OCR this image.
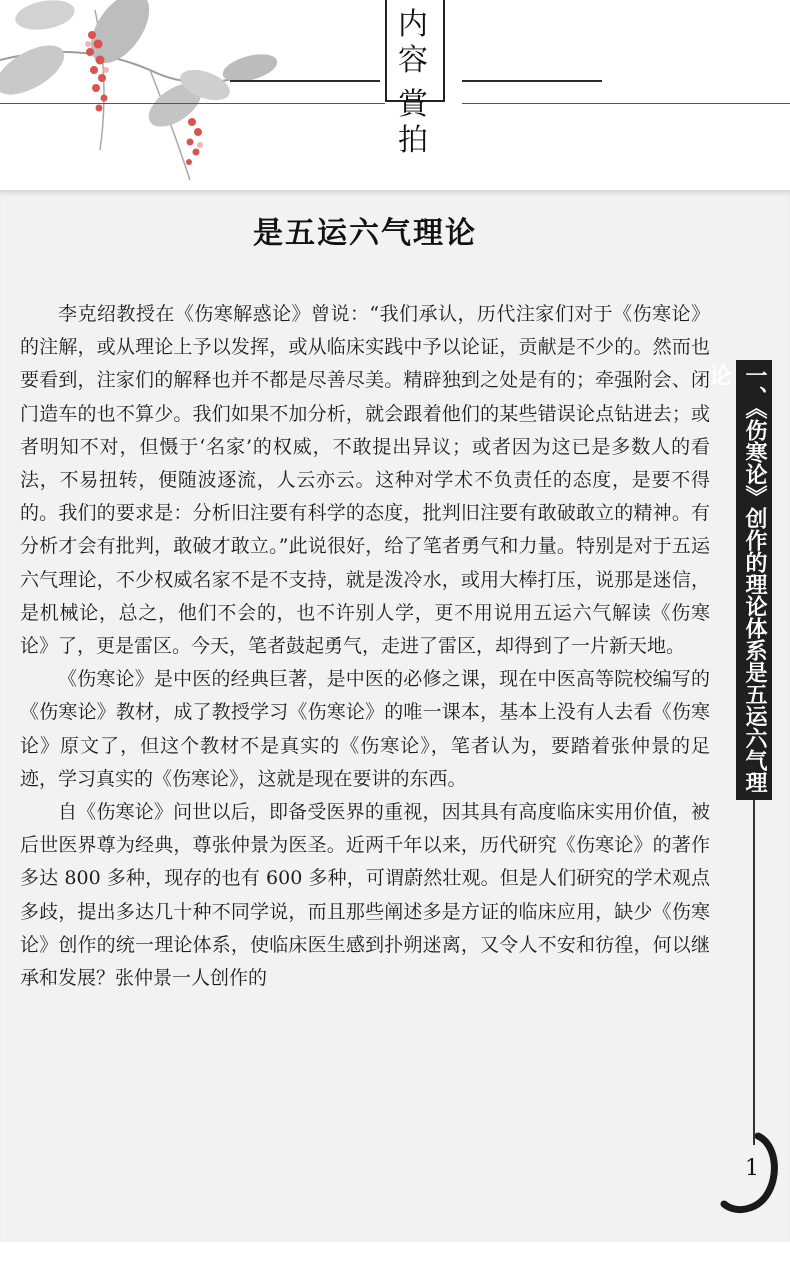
内
容
賞
拍
是五运六气理论

李克绍教授在《伤寒解惑论》曾说：“我们承认，历代注家们对于《伤寒论》的注解，或从理论上予以发挥，或从临床实践中予以论证，贡献是不少的。然而也要看到，注家们的解释也并不都是尽善尽美。精辟独到之处是有的；牵强附会、闭门造车的也不算少。我们如果不加分析，就会跟着他们的某些错误论点钻进去；或者明知不对，但慑于‘名家’的权威，不敢提出异议；或者因为这已是多数人的看法，不易扭转，便随波逐流，人云亦云。这种对学术不负责任的态度，是要不得的。我们的要求是：分析旧注要有科学的态度，批判旧注要有敢破敢立的精神。有分析才会有批判，敢破才敢立。”此说很好，给了笔者勇气和力量。特别是对于五运六气理论，不少权威名家不是不支持，就是泼冷水，或用大棒打压，说那是迷信，是机械论，总之，他们不会的，也不许别人学，更不用说用五运六气解读《伤寒论》了，更是雷区。今天，笔者鼓起勇气，走进了雷区，却得到了一片新天地。

《伤寒论》是中医的经典巨著，是中医的必修之课，现在中医高等院校编写的《伤寒论》教材，成了教授学习《伤寒论》的唯一课本，基本上没有人去看《伤寒论》原文了，但这个教材不是真实的《伤寒论》，笔者认为，要踏着张仲景的足迹，学习真实的《伤寒论》，这就是现在要讲的东西。

自《伤寒论》问世以后，即备受医界的重视，因其具有高度临床实用价值，被后世医界尊为经典，尊张仲景为医圣。近两千年以来，历代研究《伤寒论》的著作多达 800 多种，现存的也有 600 多种，可谓蔚然壮观。但是人们研究的学术观点多歧，提出多达几十种不同学说，而且那些阐述多是方证的临床应用，缺少《伤寒论》创作的统一理论体系，使临床医生感到扑朔迷离，又令人不安和彷徨，何以继承和发展？张仲景一人创作的

一、《伤寒论》创作的理论体系是五运六气理论
1
